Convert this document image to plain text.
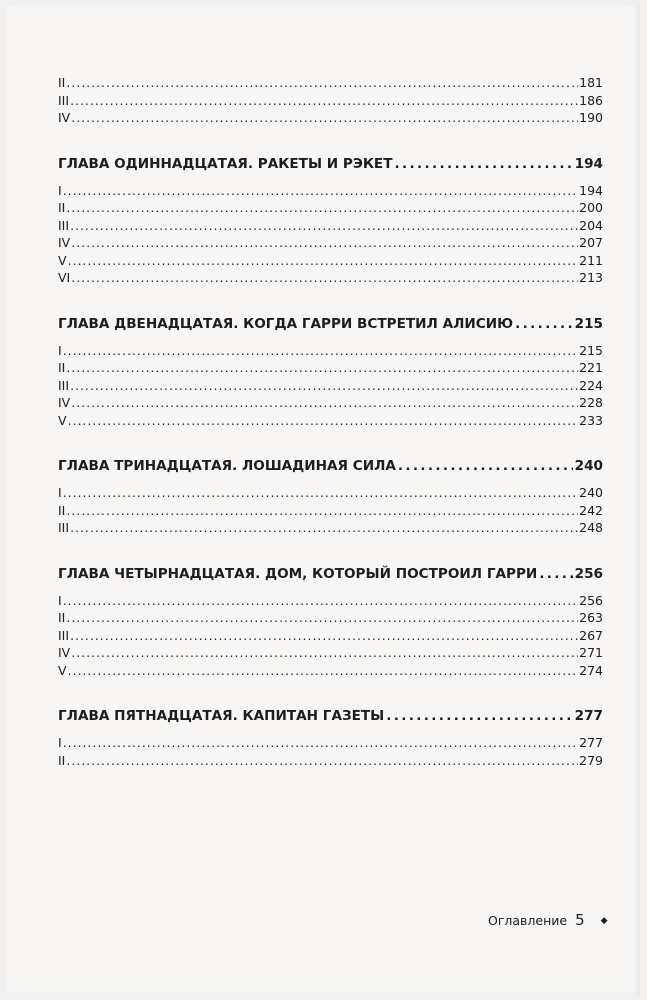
II . . .	181
III . . .	186
IV . . .	190
ГЛАВА ОДИННАДЦАТАЯ. РАКЕТЫ И РЭКЕТ . . .	194
I . . .	194
II . . .	200
III . . .	204
IV . . .	207
V . . .	211
VI . . .	213
ГЛАВА ДВЕНАДЦАТАЯ. КОГДА ГАРРИ ВСТРЕТИЛ АЛИСИЮ . . .	215
I . . .	215
II . . .	221
III . . .	224
IV . . .	228
V . . .	233
ГЛАВА ТРИНАДЦАТАЯ. ЛОШАДИНАЯ СИЛА . . .	240
I . . .	240
II . . .	242
III . . .	248
ГЛАВА ЧЕТЫРНАДЦАТАЯ. ДОМ, КОТОРЫЙ ПОСТРОИЛ ГАРРИ . . .	256
I . . .	256
II . . .	263
III . . .	267
IV . . .	271
V . . .	274
ГЛАВА ПЯТНАДЦАТАЯ. КАПИТАН ГАЗЕТЫ . . .	277
I . . .	277
II . . .	279
Оглавление 5 ◆
